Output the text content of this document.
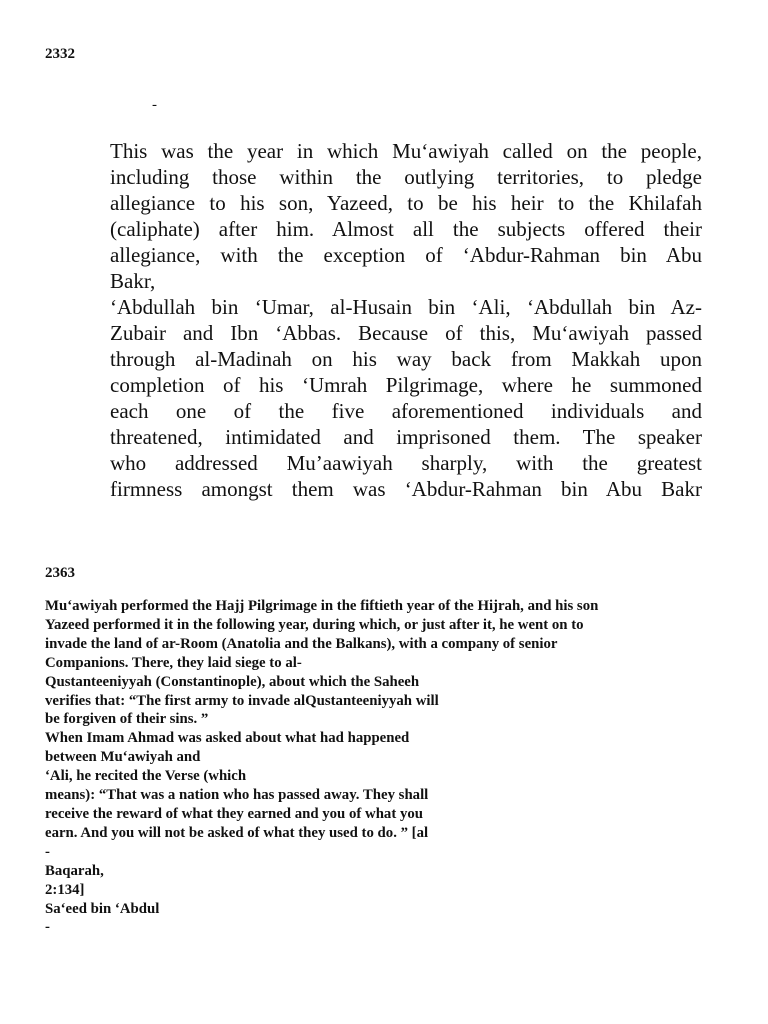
2332
-
This was the year in which Mu‘awiyah called on the people,
including those within the outlying territories, to pledge
allegiance to his son, Yazeed, to be his heir to the Khilafah
(caliphate) after him. Almost all the subjects offered their
allegiance, with the exception of ‘Abdur-Rahman bin Abu
Bakr,
‘Abdullah bin ‘Umar, al-Husain bin ‘Ali, ‘Abdullah bin Az-
Zubair and Ibn ‘Abbas. Because of this, Mu‘awiyah passed
through al-Madinah on his way back from Makkah upon
completion of his ‘Umrah Pilgrimage, where he summoned
each one of the five aforementioned individuals and
threatened, intimidated and imprisoned them. The speaker
who addressed Mu’aawiyah sharply, with the greatest
firmness amongst them was ‘Abdur-Rahman bin Abu Bakr
2363
Mu‘awiyah performed the Hajj Pilgrimage in the fiftieth year of the Hijrah, and his son
Yazeed performed it in the following year, during which, or just after it, he went on to
invade the land of ar-Room (Anatolia and the Balkans), with a company of senior
Companions. There, they laid siege to al-
Qustanteeniyyah (Constantinople), about which the Saheeh
verifies that: “The first army to invade alQustanteeniyyah will
be forgiven of their sins. ”
When Imam Ahmad was asked about what had happened
between Mu‘awiyah and
‘Ali, he recited the Verse (which
means): “That was a nation who has passed away. They shall
receive the reward of what they earned and you of what you
earn. And you will not be asked of what they used to do. ” [al
-
Baqarah,
2:134]
Sa‘eed bin ‘Abdul
-
